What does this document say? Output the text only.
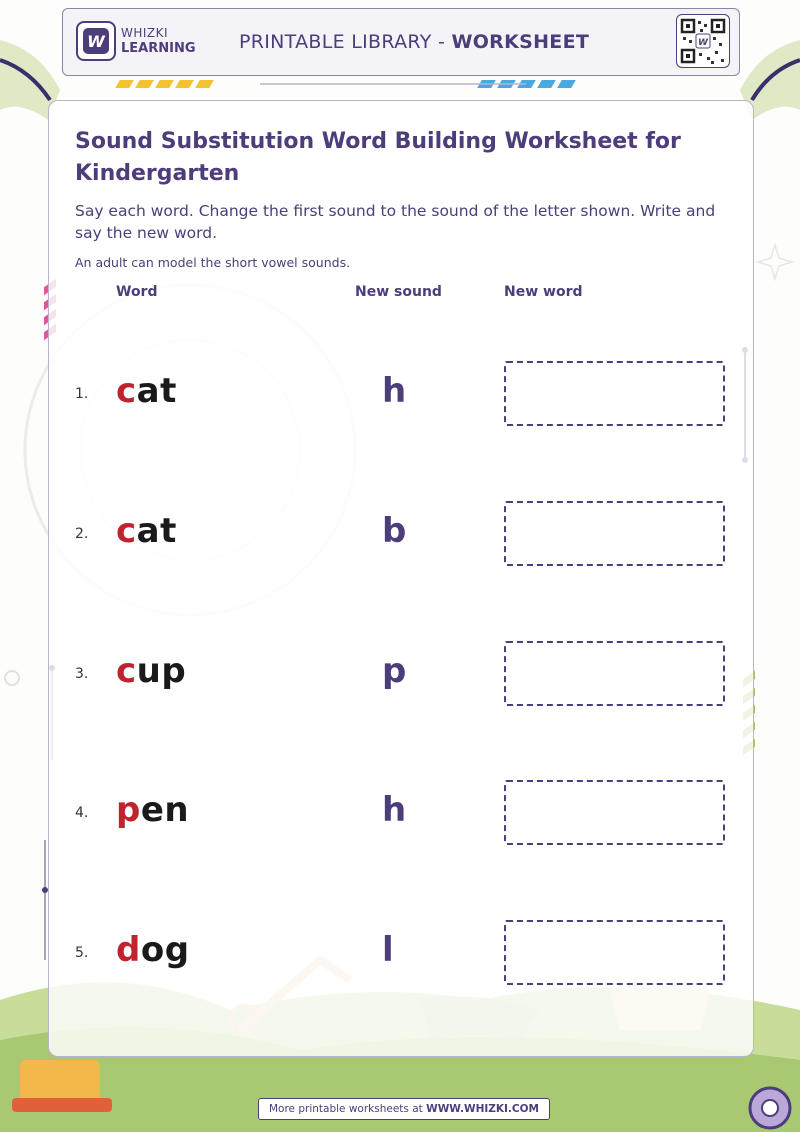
W WHIZKI
LEARNING PRINTABLE LIBRARY - WORKSHEET	W
Sound Substitution Word Building Worksheet for Kindergarten
Say each word. Change the first sound to the sound of the letter shown. Write and say the new word.
An adult can model the short vowel sounds.
Word	New sound	New word
1. cat	h
2. cat	b
3. cup	p
4. pen	h
5. dog	l
More printable worksheets at WWW.WHIZKI.COM
